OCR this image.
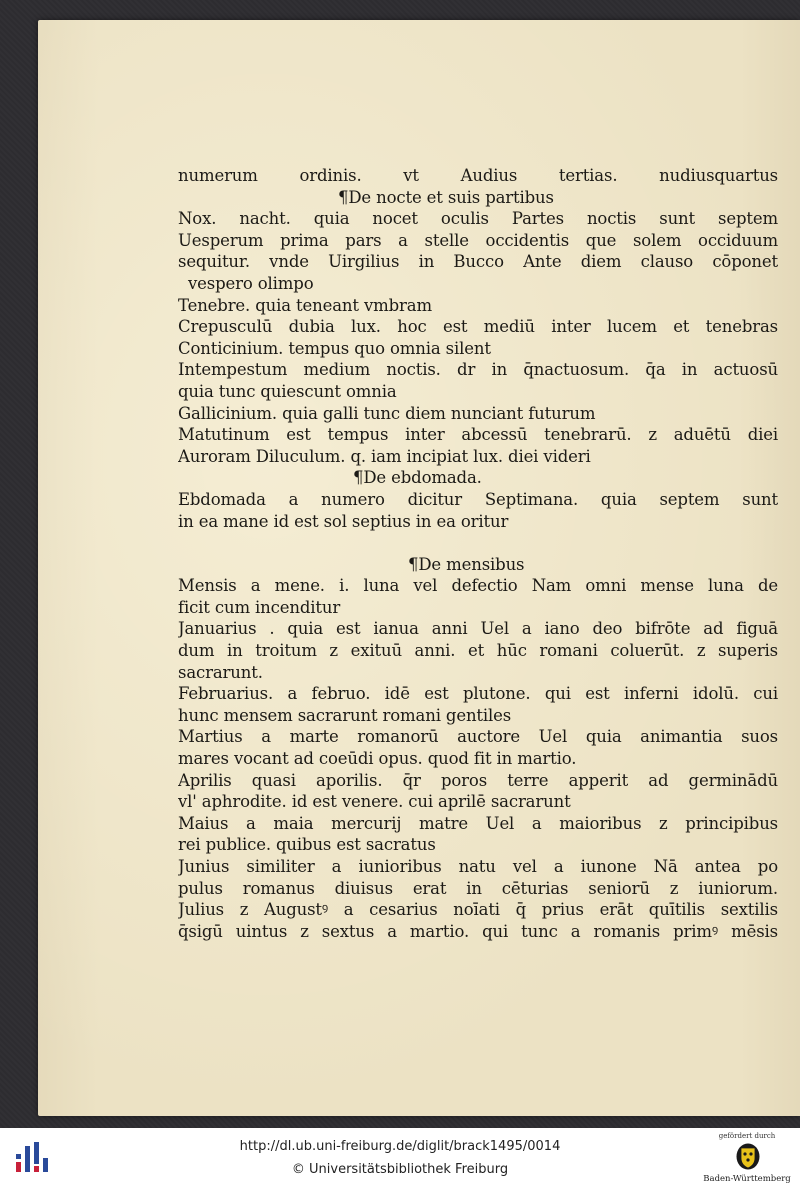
numerum ordinis. vt Audius tertias. nudiusquartus
¶De nocte et suis partibus
Nox. nacht. quia nocet oculis Partes noctis sunt septem
Uesperum prima pars a stelle occidentis que solem occiduum
sequitur. vnde Uirgilius in Bucco Ante diem clauso cōponet
vespero olimpo
Tenebre. quia teneant vmbram
Crepusculū dubia lux. hoc est mediū inter lucem et tenebras
Conticinium. tempus quo omnia silent
Intempestum medium noctis. dr in q̄nactuosum. q̄a in actuosū
quia tunc quiescunt omnia
Gallicinium. quia galli tunc diem nunciant futurum
Matutinum est tempus inter abcessū tenebrarū. z aduētū diei
Auroram Diluculum. q. iam incipiat lux. diei videri
¶De ebdomada.
Ebdomada a numero dicitur Septimana. quia septem sunt
in ea mane id est sol septius in ea oritur
¶De mensibus
Mensis a mene. i. luna vel defectio Nam omni mense luna de
ficit cum incenditur
Januarius . quia est ianua anni Uel a iano deo bifrōte ad figuā
dum in troitum z exituū anni. et hūc romani coluerūt. z superis
sacrarunt.
Februarius. a februo. idē est plutone. qui est inferni idolū. cui
hunc mensem sacrarunt romani gentiles
Martius a marte romanorū auctore Uel quia animantia suos
mares vocant ad coeūdi opus. quod fit in martio.
Aprilis quasi aporilis. q̄r poros terre apperit ad germinādū
vl' aphrodite. id est venere. cui aprilē sacrarunt
Maius a maia mercurij matre Uel a maioribus z principibus
rei publice. quibus est sacratus
Junius similiter a iunioribus natu vel a iunone Nā antea po
pulus romanus diuisus erat in cēturias seniorū z iuniorum.
Julius z Augustꝰ a cesarius noīati q̄ prius erāt quītilis sextilis
q̄sigū uintus z sextus a martio. qui tunc a romanis primꝰ mēsis
http://dl.ub.uni-freiburg.de/diglit/brack1495/0014
© Universitätsbibliothek Freiburg
gefördert durch
Baden-Württemberg
